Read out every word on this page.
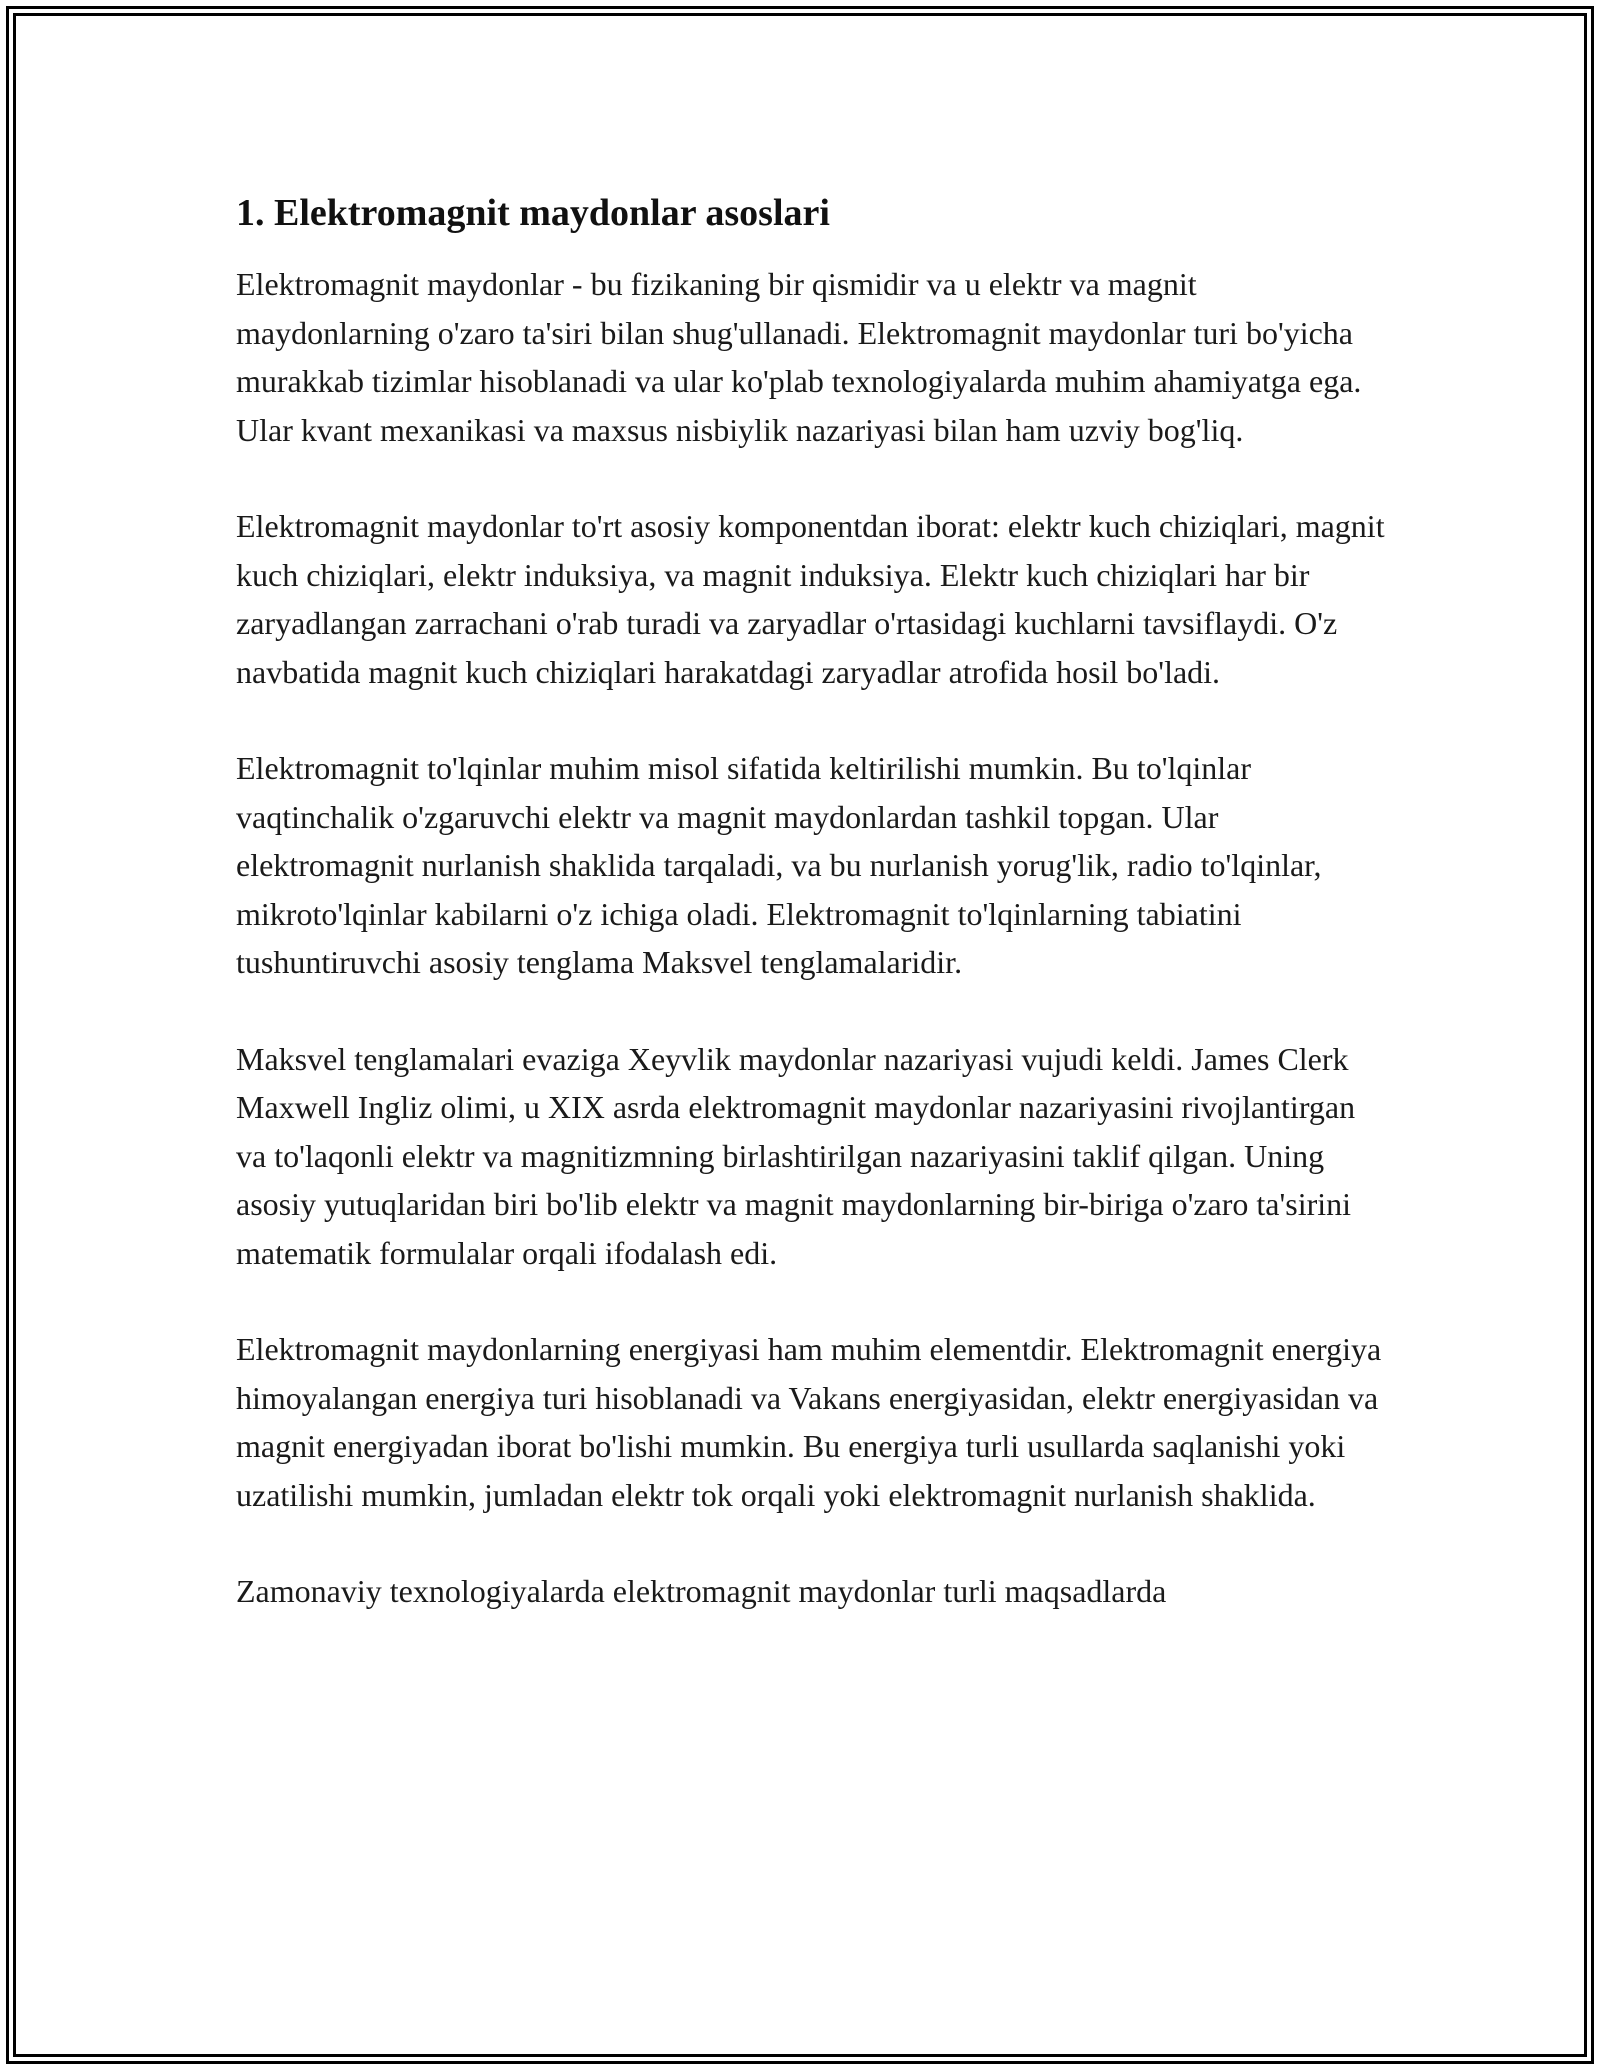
1. Elektromagnit maydonlar asoslari

Elektromagnit maydonlar - bu fizikaning bir qismidir va u elektr va magnit maydonlarning o'zaro ta'siri bilan shug'ullanadi. Elektromagnit maydonlar turi bo'yicha murakkab tizimlar hisoblanadi va ular ko'plab texnologiyalarda muhim ahamiyatga ega. Ular kvant mexanikasi va maxsus nisbiylik nazariyasi bilan ham uzviy bog'liq.

Elektromagnit maydonlar to'rt asosiy komponentdan iborat: elektr kuch chiziqlari, magnit kuch chiziqlari, elektr induksiya, va magnit induksiya. Elektr kuch chiziqlari har bir zaryadlangan zarrachani o'rab turadi va zaryadlar o'rtasidagi kuchlarni tavsiflaydi. O'z navbatida magnit kuch chiziqlari harakatdagi zaryadlar atrofida hosil bo'ladi.

Elektromagnit to'lqinlar muhim misol sifatida keltirilishi mumkin. Bu to'lqinlar vaqtinchalik o'zgaruvchi elektr va magnit maydonlardan tashkil topgan. Ular elektromagnit nurlanish shaklida tarqaladi, va bu nurlanish yorug'lik, radio to'lqinlar, mikroto'lqinlar kabilarni o'z ichiga oladi. Elektromagnit to'lqinlarning tabiatini tushuntiruvchi asosiy tenglama Maksvel tenglamalaridir.

Maksvel tenglamalari evaziga Xeyvlik maydonlar nazariyasi vujudi keldi. James Clerk Maxwell Ingliz olimi, u XIX asrda elektromagnit maydonlar nazariyasini rivojlantirgan va to'laqonli elektr va magnitizmning birlashtirilgan nazariyasini taklif qilgan. Uning asosiy yutuqlaridan biri bo'lib elektr va magnit maydonlarning bir-biriga o'zaro ta'sirini matematik formulalar orqali ifodalash edi.

Elektromagnit maydonlarning energiyasi ham muhim elementdir. Elektromagnit energiya himoyalangan energiya turi hisoblanadi va Vakans energiyasidan, elektr energiyasidan va magnit energiyadan iborat bo'lishi mumkin. Bu energiya turli usullarda saqlanishi yoki uzatilishi mumkin, jumladan elektr tok orqali yoki elektromagnit nurlanish shaklida.

Zamonaviy texnologiyalarda elektromagnit maydonlar turli maqsadlarda
